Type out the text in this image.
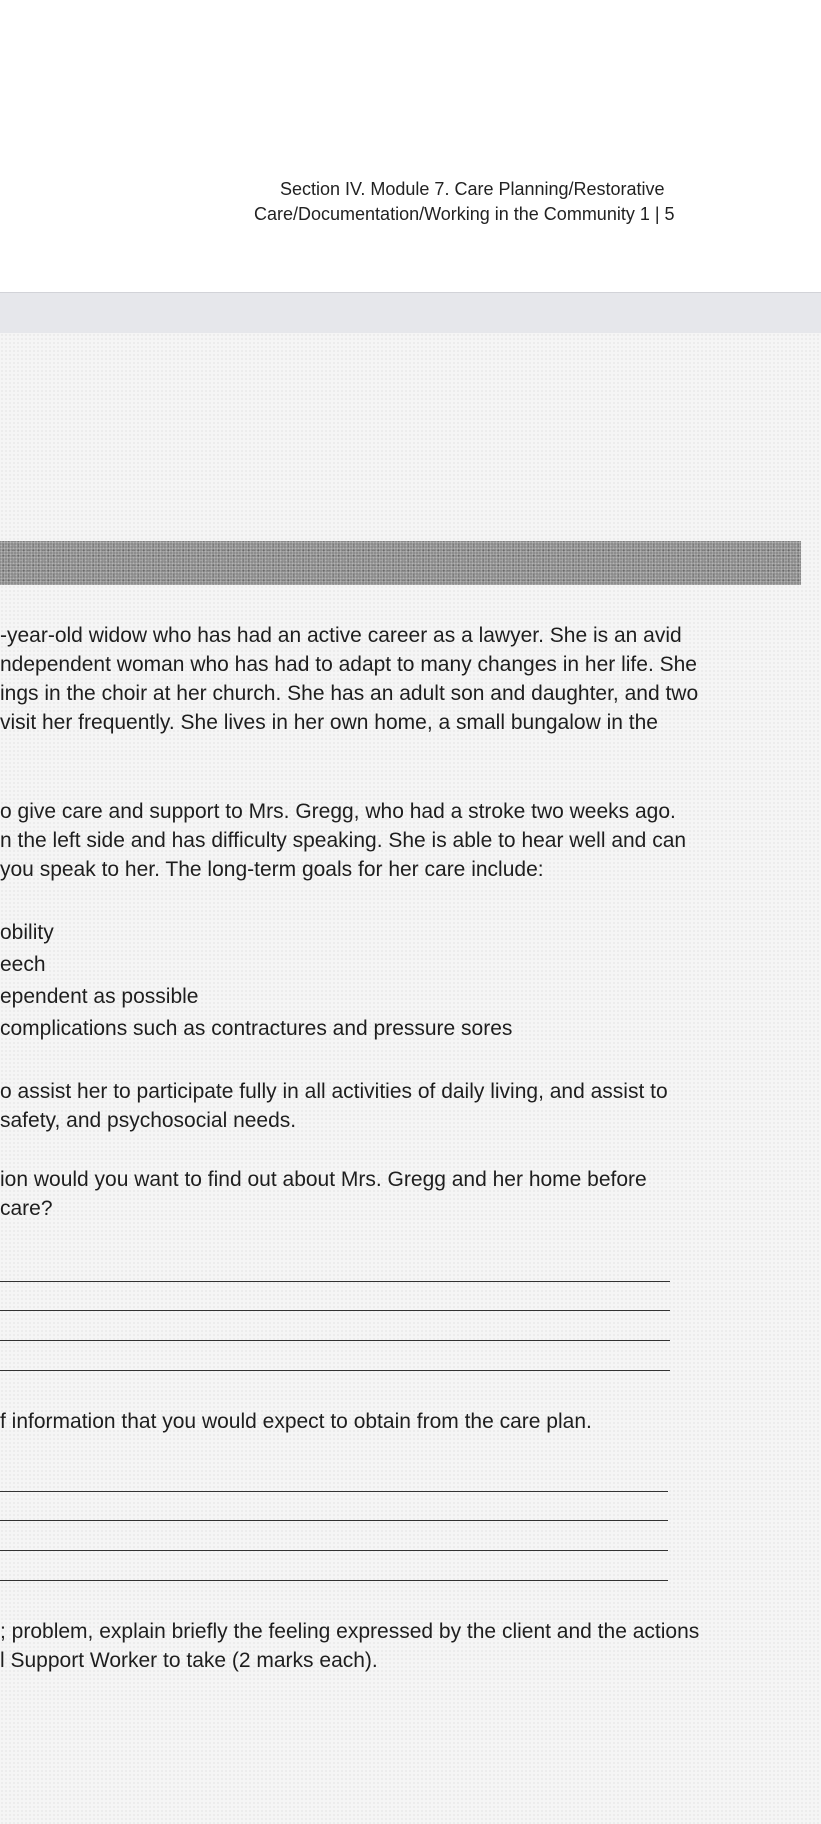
Section IV. Module 7. Care Planning/Restorative
Care/Documentation/Working in the Community 1 | 5
-year-old widow who has had an active career as a lawyer. She is an avid
ndependent woman who has had to adapt to many changes in her life. She
ings in the choir at her church. She has an adult son and daughter, and two
visit her frequently. She lives in her own home, a small bungalow in the
o give care and support to Mrs. Gregg, who had a stroke two weeks ago.
n the left side and has difficulty speaking. She is able to hear well and can
you speak to her. The long-term goals for her care include:
obility
eech
ependent as possible
complications such as contractures and pressure sores
o assist her to participate fully in all activities of daily living, and assist to
safety, and psychosocial needs.
ion would you want to find out about Mrs. Gregg and her home before
care?
f information that you would expect to obtain from the care plan.
; problem, explain briefly the feeling expressed by the client and the actions
l Support Worker to take (2 marks each).
